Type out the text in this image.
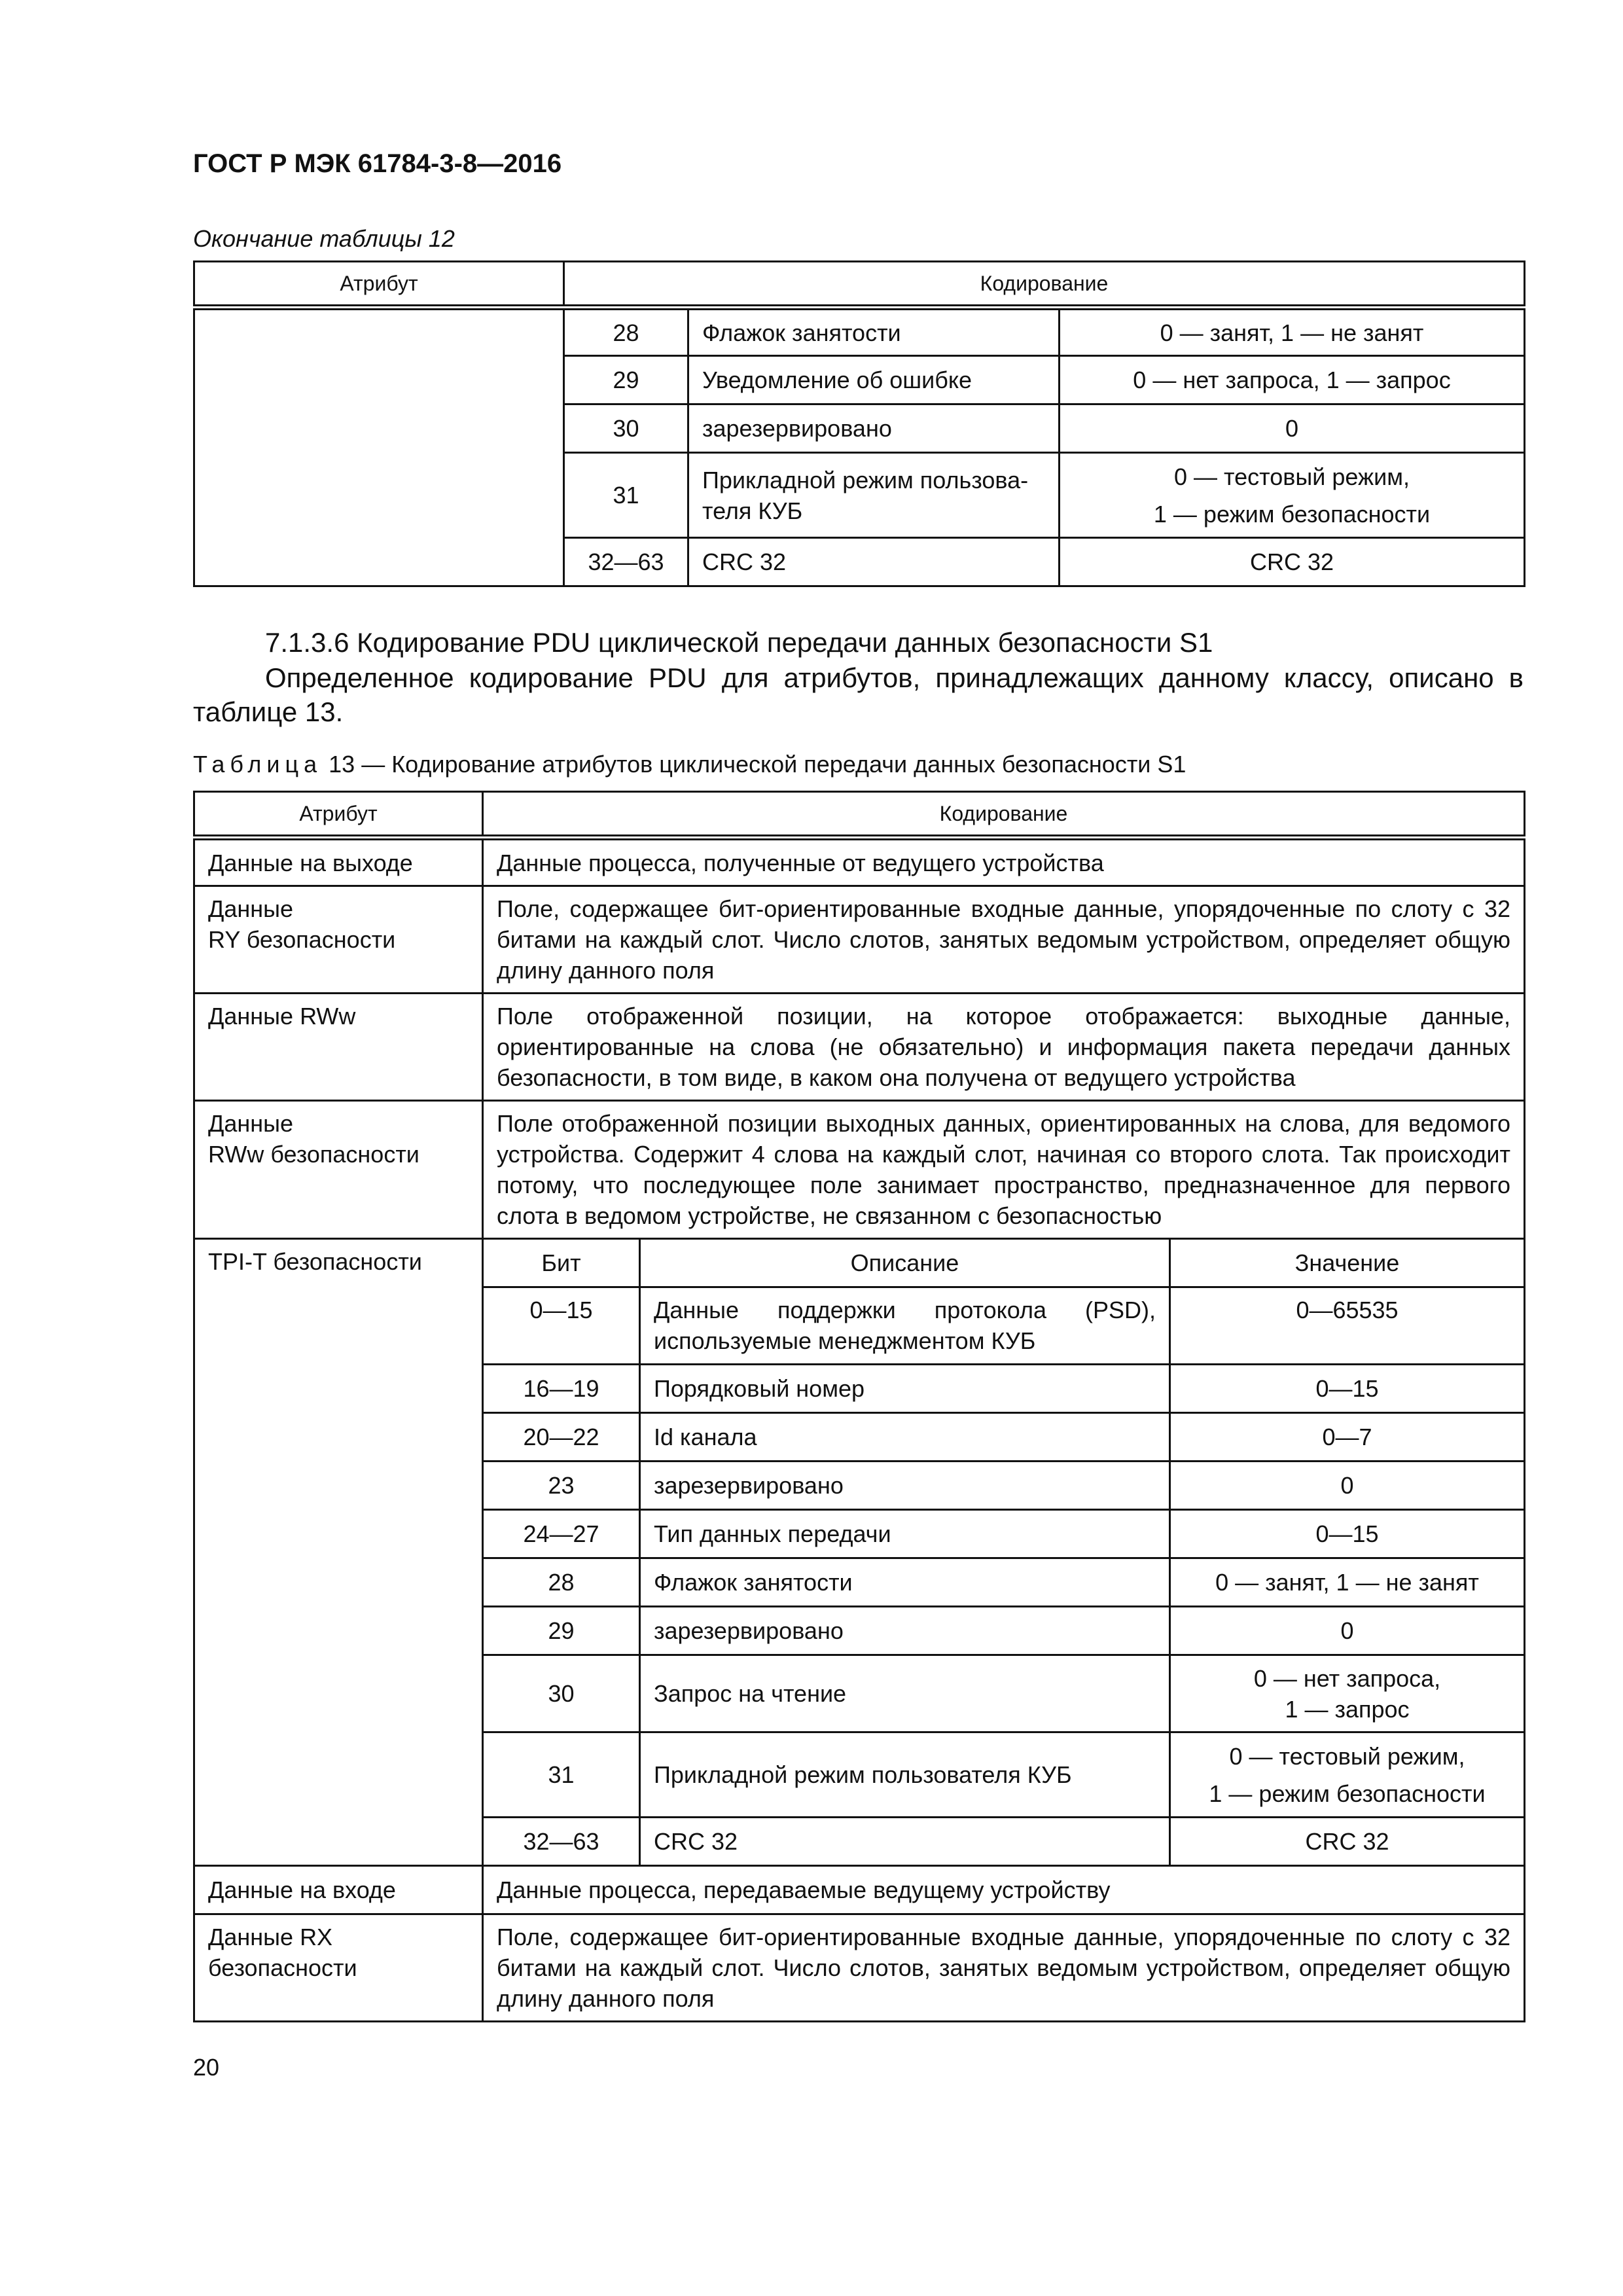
ГОСТ Р МЭК 61784-3-8—2016
Окончание таблицы 12
Атрибут	Кодирование		
	28	Флажок занятости	0 — занят, 1 — не занят
	29	Уведомление об ошибке	0 — нет запроса, 1 — запрос
	30	зарезервировано	0
	31	Прикладной режим пользова-теля КУБ	0 — тестовый режим,
1 — режим безопасности

	32—63	CRC 32	CRC 32
7.1.3.6 Кодирование PDU циклической передачи данных безопасности S1
Определенное кодирование PDU для атрибутов, принадлежащих данному классу, описано в таблице 13.
Таблица 13 — Кодирование атрибутов циклической передачи данных безопасности S1
Атрибут	Кодирование		
Данные на выходе	Данные процесса, полученные от ведущего устройства		

Данные
RY безопасности	Поле, содержащее бит-ориентированные входные данные, упорядоченные по слоту с 32 битами на каждый слот. Число слотов, занятых ведомым устройством, определяет общую длину данного поля		
Данные RWw	Поле отображенной позиции, на которое отображается: выходные данные, ориентированные на слова (не обязательно) и информация пакета передачи данных безопасности, в том виде, в каком она получена от ведущего устройства		

Данные
RWw безопасности	Поле отображенной позиции выходных данных, ориентированных на слова, для ведомого устройства. Содержит 4 слова на каждый слот, начиная со второго слота. Так происходит потому, что последующее поле занимает пространство, предназначенное для первого слота в ведомом устройстве, не связанном с безопасностью		
TPI-T безопасности	Бит	Описание	Значение
	0—15	Данные поддержки протокола (PSD), используемые менеджментом КУБ	0—65535
	16—19	Порядковый номер	0—15
	20—22	Id канала	0—7
	23	зарезервировано	0
	24—27	Тип данных передачи	0—15
	28	Флажок занятости	0 — занят, 1 — не занят
	29	зарезервировано	0
	30	Запрос на чтение	0 — нет запроса,
1 — запрос

	31	Прикладной режим пользователя КУБ	0 — тестовый режим,
1 — режим безопасности

	32—63	CRC 32	CRC 32
Данные на входе	Данные процесса, передаваемые ведущему устройству		

Данные RX
безопасности	Поле, содержащее бит-ориентированные входные данные, упорядоченные по слоту с 32 битами на каждый слот. Число слотов, занятых ведомым устройством, определяет общую длину данного поля		
20
